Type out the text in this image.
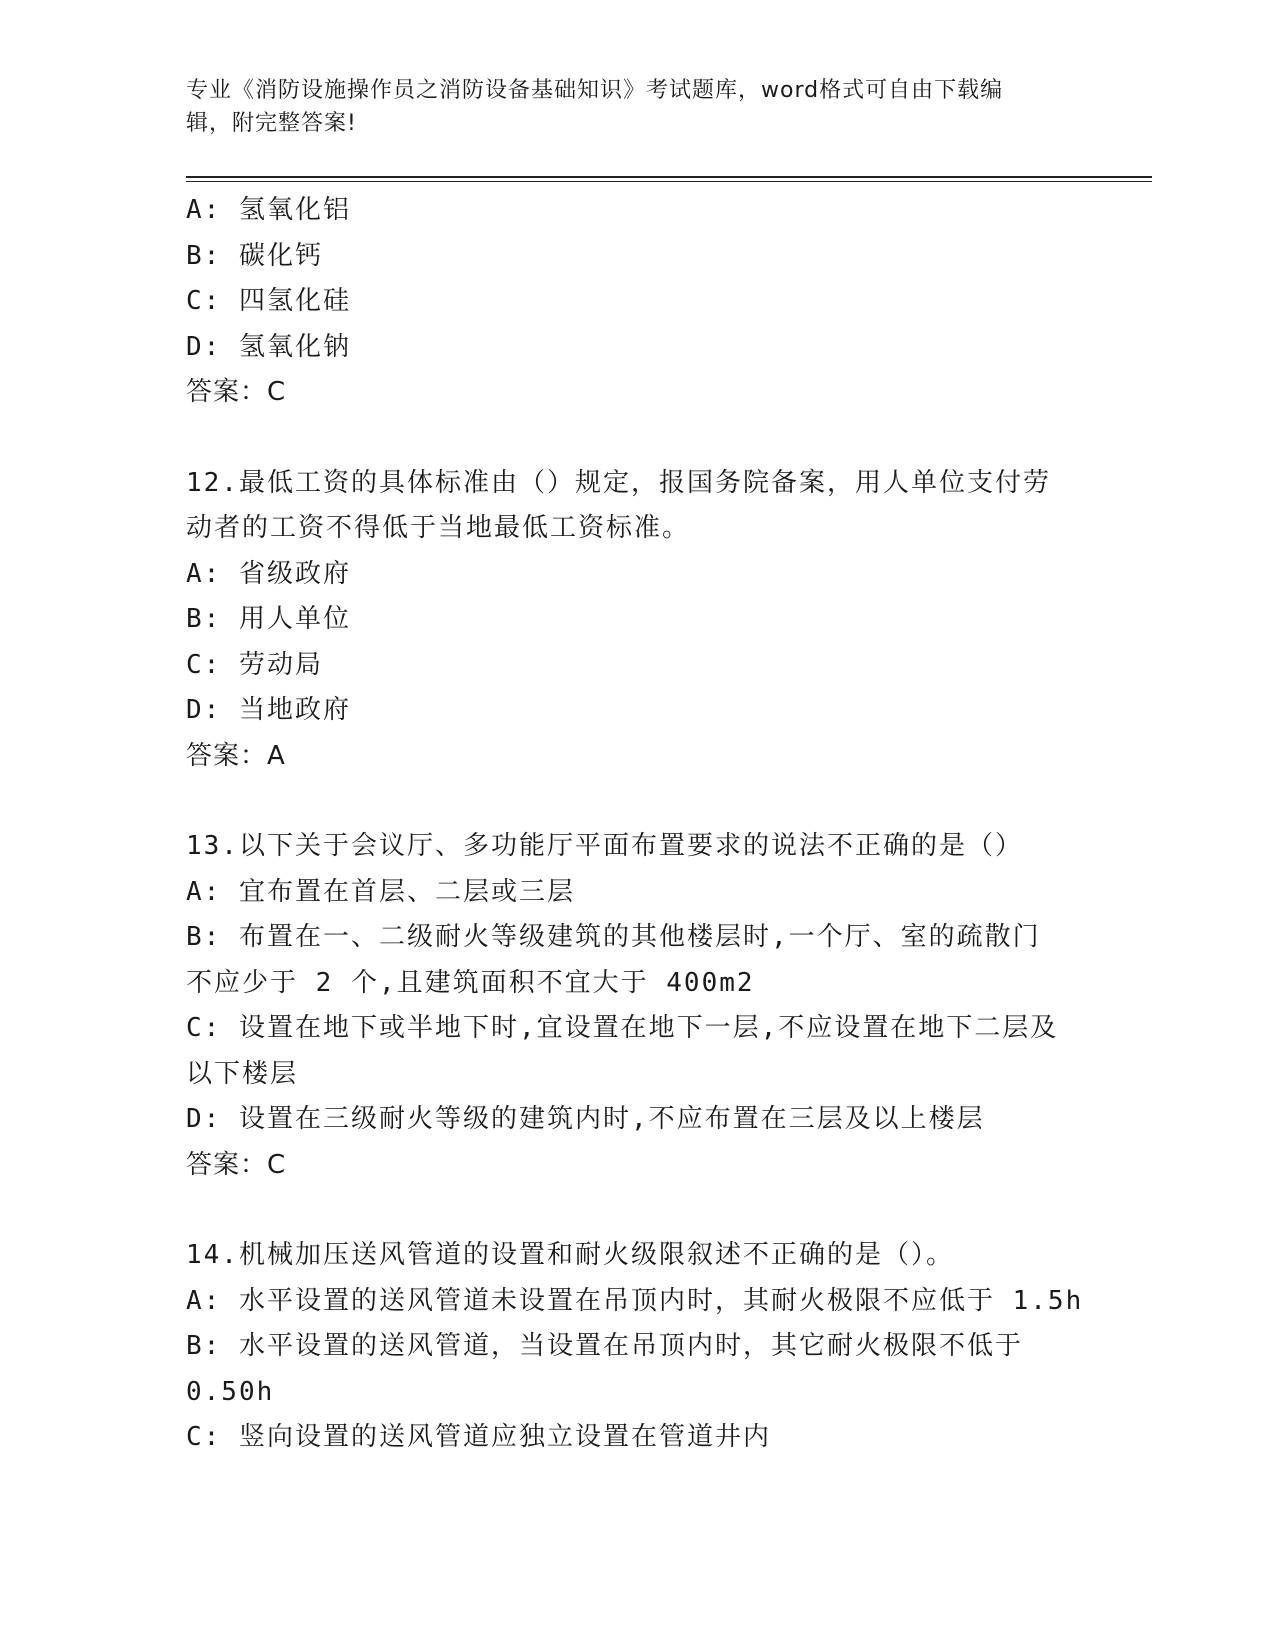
专业《消防设施操作员之消防设备基础知识》考试题库，word格式可自由下载编
辑，附完整答案!
A: 氢氧化铝
B: 碳化钙
C: 四氢化硅
D: 氢氧化钠
答案：C
12.最低工资的具体标准由（）规定，报国务院备案，用人单位支付劳
动者的工资不得低于当地最低工资标准。
A: 省级政府
B: 用人单位
C: 劳动局
D: 当地政府
答案：A
13.以下关于会议厅、多功能厅平面布置要求的说法不正确的是（）
A: 宜布置在首层、二层或三层
B: 布置在一、二级耐火等级建筑的其他楼层时,一个厅、室的疏散门
不应少于 2 个,且建筑面积不宜大于 400m2
C: 设置在地下或半地下时,宜设置在地下一层,不应设置在地下二层及
以下楼层
D: 设置在三级耐火等级的建筑内时,不应布置在三层及以上楼层
答案：C
14.机械加压送风管道的设置和耐火级限叙述不正确的是（）。
A: 水平设置的送风管道未设置在吊顶内时，其耐火极限不应低于 1.5h
B: 水平设置的送风管道，当设置在吊顶内时，其它耐火极限不低于
0.50h
C: 竖向设置的送风管道应独立设置在管道井内
